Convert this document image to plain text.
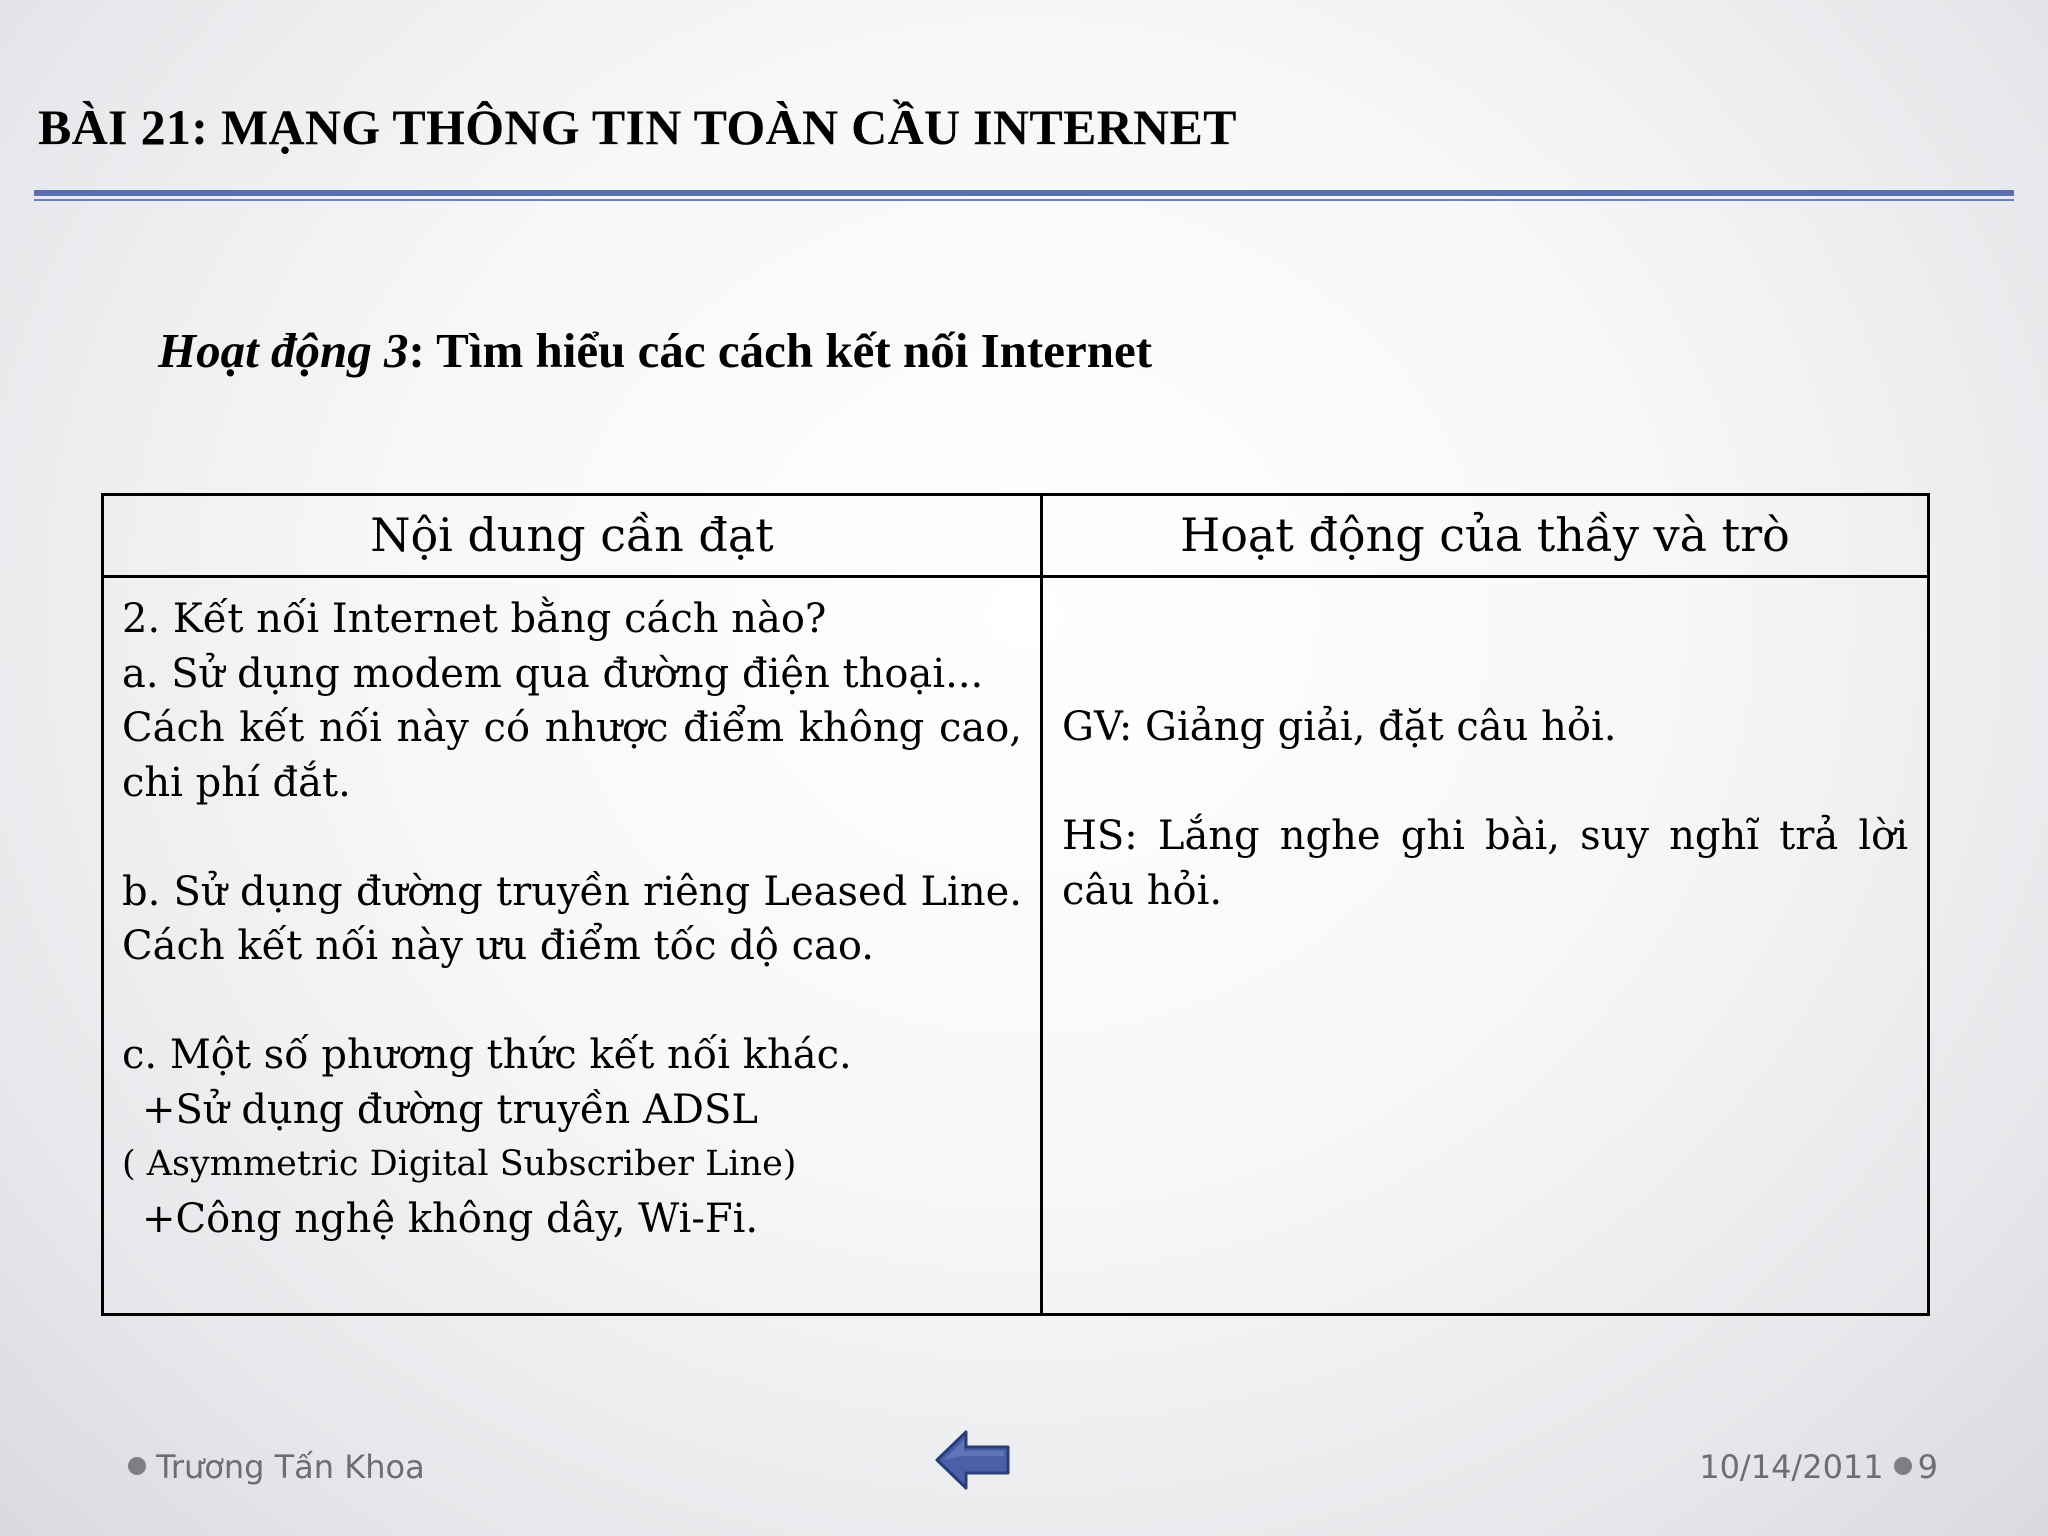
BÀI 21: MẠNG THÔNG TIN TOÀN CẦU INTERNET
Hoạt động 3: Tìm hiểu các cách kết nối Internet
Nội dung cần đạt	Hoạt động của thầy và trò

2. Kết nối Internet bằng cách nào?

a. Sử dụng modem qua đường điện thoại...

Cách kết nối này có nhược điểm không cao, chi phí đắt.

b. Sử dụng đường truyền riêng Leased Line. Cách kết nối này ưu điểm tốc dộ cao.

c. Một số phương thức kết nối khác.

+Sử dụng đường truyền ADSL

( Asymmetric Digital Subscriber Line)

+Công nghệ không dây, Wi-Fi.

GV: Giảng giải, đặt câu hỏi.

HS: Lắng nghe ghi bài, suy nghĩ trả lời câu hỏi.

Trương Tấn Khoa	10/14/2011 9
